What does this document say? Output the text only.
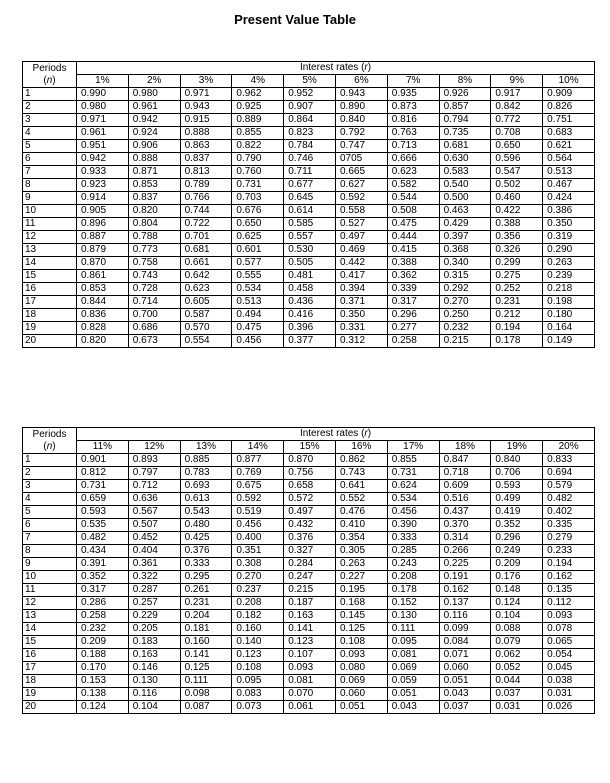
Present Value Table
Periods
(n)	Interest rates (r)									
	1%	2%	3%	4%	5%	6%	7%	8%	9%	10%
1	0.990	0.980	0.971	0.962	0.952	0.943	0.935	0.926	0.917	0.909
2	0.980	0.961	0.943	0.925	0.907	0.890	0.873	0.857	0.842	0.826
3	0.971	0.942	0.915	0.889	0.864	0.840	0.816	0.794	0.772	0.751
4	0.961	0.924	0.888	0.855	0.823	0.792	0.763	0.735	0.708	0.683
5	0.951	0.906	0.863	0.822	0.784	0.747	0.713	0.681	0.650	0.621
6	0.942	0.888	0.837	0.790	0.746	0705	0.666	0.630	0.596	0.564
7	0.933	0.871	0.813	0.760	0.711	0.665	0.623	0.583	0.547	0.513
8	0.923	0.853	0.789	0.731	0.677	0.627	0.582	0.540	0.502	0.467
9	0.914	0.837	0.766	0.703	0.645	0.592	0.544	0.500	0.460	0.424
10	0.905	0.820	0.744	0.676	0.614	0.558	0.508	0.463	0.422	0.386
11	0.896	0.804	0.722	0.650	0.585	0.527	0.475	0.429	0.388	0.350
12	0.887	0.788	0.701	0.625	0.557	0.497	0.444	0.397	0.356	0.319
13	0.879	0.773	0.681	0.601	0.530	0.469	0.415	0.368	0.326	0.290
14	0.870	0.758	0.661	0.577	0.505	0.442	0.388	0.340	0.299	0.263
15	0.861	0.743	0.642	0.555	0.481	0.417	0.362	0.315	0.275	0.239
16	0.853	0.728	0.623	0.534	0.458	0.394	0.339	0.292	0.252	0.218
17	0.844	0.714	0.605	0.513	0.436	0.371	0.317	0.270	0.231	0.198
18	0.836	0.700	0.587	0.494	0.416	0.350	0.296	0.250	0.212	0.180
19	0.828	0.686	0.570	0.475	0.396	0.331	0.277	0.232	0.194	0.164
20	0.820	0.673	0.554	0.456	0.377	0.312	0.258	0.215	0.178	0.149
Periods
(n)	Interest rates (r)									
	11%	12%	13%	14%	15%	16%	17%	18%	19%	20%
1	0.901	0.893	0.885	0.877	0.870	0.862	0.855	0.847	0.840	0.833
2	0.812	0.797	0.783	0.769	0.756	0.743	0.731	0.718	0.706	0.694
3	0.731	0.712	0.693	0.675	0.658	0.641	0.624	0.609	0.593	0.579
4	0.659	0.636	0.613	0.592	0.572	0.552	0.534	0.516	0.499	0.482
5	0.593	0.567	0.543	0.519	0.497	0.476	0.456	0.437	0.419	0.402
6	0.535	0.507	0.480	0.456	0.432	0.410	0.390	0.370	0.352	0.335
7	0.482	0.452	0.425	0.400	0.376	0.354	0.333	0.314	0.296	0.279
8	0.434	0.404	0.376	0.351	0.327	0.305	0.285	0.266	0.249	0.233
9	0.391	0.361	0.333	0.308	0.284	0.263	0.243	0.225	0.209	0.194
10	0.352	0.322	0.295	0.270	0.247	0.227	0.208	0.191	0.176	0.162
11	0.317	0.287	0.261	0.237	0.215	0.195	0.178	0.162	0.148	0.135
12	0.286	0.257	0.231	0.208	0.187	0.168	0.152	0.137	0.124	0.112
13	0.258	0.229	0.204	0.182	0.163	0.145	0.130	0.116	0.104	0.093
14	0.232	0.205	0.181	0.160	0.141	0.125	0.111	0.099	0.088	0.078
15	0.209	0.183	0.160	0.140	0.123	0.108	0.095	0.084	0.079	0.065
16	0.188	0.163	0.141	0.123	0.107	0.093	0.081	0.071	0.062	0.054
17	0.170	0.146	0.125	0.108	0.093	0.080	0.069	0.060	0.052	0.045
18	0.153	0.130	0.111	0.095	0.081	0.069	0.059	0.051	0.044	0.038
19	0.138	0.116	0.098	0.083	0.070	0.060	0.051	0.043	0.037	0.031
20	0.124	0.104	0.087	0.073	0.061	0.051	0.043	0.037	0.031	0.026
